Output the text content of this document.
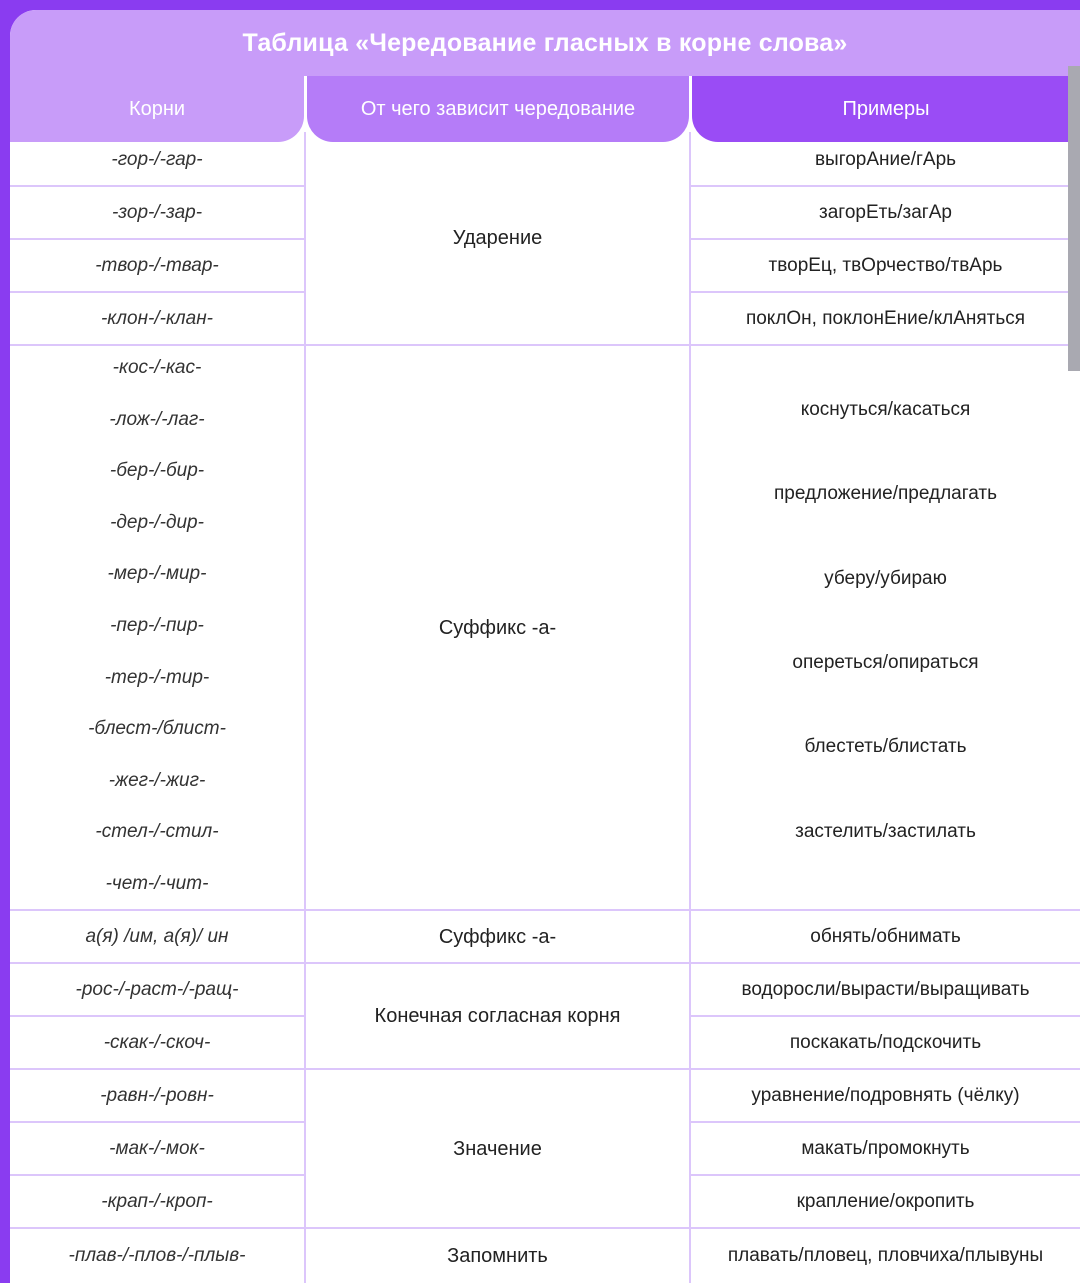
Таблица «Чередование гласных в корне слова»
Корни	От чего зависит чередование	Примеры
-гор-/-гар-
-зор-/-зар-
-твор-/-твар-
-клон-/-клан-
-кос-/-кас-
-лож-/-лаг-
-бер-/-бир-
-дер-/-дир-
-мер-/-мир-
-пер-/-пир-
-тер-/-тир-
-блест-/блист-
-жег-/-жиг-
-стел-/-стил-
-чет-/-чит-
а(я) /им, а(я)/ ин
-рос-/-раст-/-ращ-
-скак-/-скоч-
-равн-/-ровн-
-мак-/-мок-
-крап-/-кроп-
-плав-/-плов-/-плыв-
Ударение
Суффикс -а-
Суффикс -а-
Конечная согласная корня
Значение
Запомнить
выгорАние/гАрь
загорЕть/загАр
творЕц, твОрчество/твАрь
поклОн, поклонЕние/клАняться
коснуться/касаться
предложение/предлагать
уберу/убираю
опереться/опираться
блестеть/блистать
застелить/застилать
обнять/обнимать
водоросли/вырасти/выращивать
поскакать/подскочить
уравнение/подровнять (чёлку)
макать/промокнуть
крапление/окропить
плавать/пловец, пловчиха/плывуны
